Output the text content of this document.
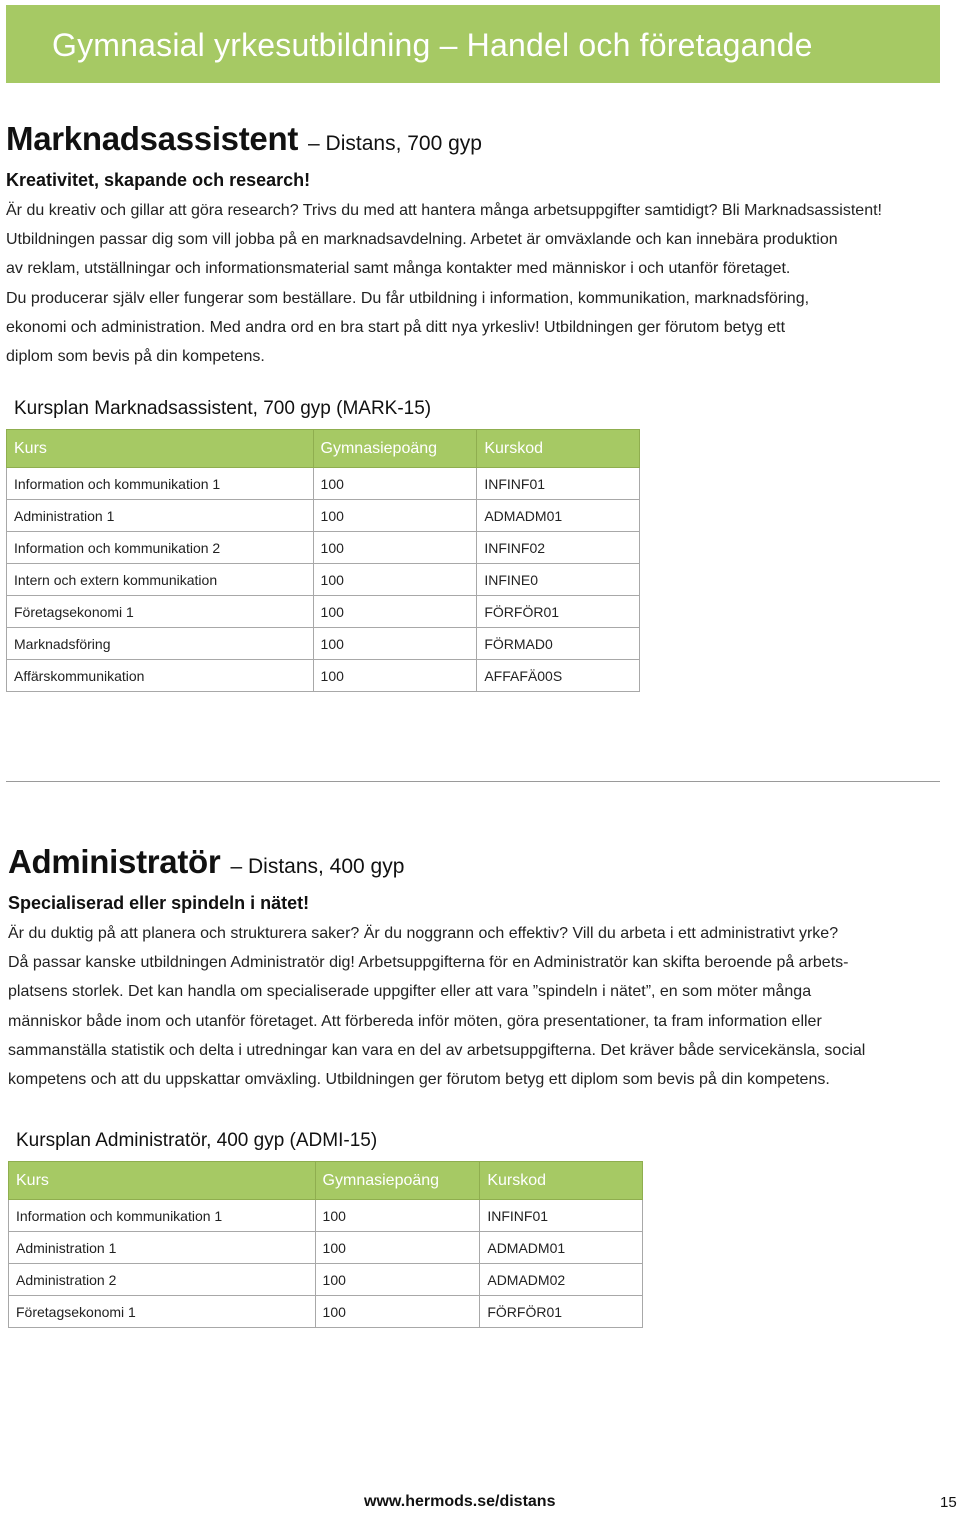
Gymnasial yrkesutbildning – Handel och företagande
Marknadsassistent – Distans, 700 gyp
Kreativitet, skapande och research!

Är du kreativ och gillar att göra research? Trivs du med att hantera många arbetsuppgifter samtidigt? Bli Marknadsassistent!

Utbildningen passar dig som vill jobba på en marknadsavdelning. Arbetet är omväxlande och kan innebära produktion

av reklam, utställningar och informationsmaterial samt många kontakter med människor i och utanför företaget.

Du producerar själv eller fungerar som beställare. Du får utbildning i information, kommunikation, marknadsföring,

ekonomi och administration. Med andra ord en bra start på ditt nya yrkesliv! Utbildningen ger förutom betyg ett

diplom som bevis på din kompetens.

Kursplan Marknadsassistent, 700 gyp (MARK-15)
Kurs	Gymnasiepoäng	Kurskod
Information och kommunikation 1	100	INFINF01
Administration 1	100	ADMADM01
Information och kommunikation 2	100	INFINF02
Intern och extern kommunikation	100	INFINE0
Företagsekonomi 1	100	FÖRFÖR01
Marknadsföring	100	FÖRMAD0
Affärskommunikation	100	AFFAFÄ00S
Administratör – Distans, 400 gyp
Specialiserad eller spindeln i nätet!

Är du duktig på att planera och strukturera saker? Är du noggrann och effektiv? Vill du arbeta i ett administrativt yrke?

Då passar kanske utbildningen Administratör dig! Arbetsuppgifterna för en Administratör kan skifta beroende på arbets-

platsens storlek. Det kan handla om specialiserade uppgifter eller att vara ”spindeln i nätet”, en som möter många

människor både inom och utanför företaget. Att förbereda inför möten, göra presentationer, ta fram information eller

sammanställa statistik och delta i utredningar kan vara en del av arbetsuppgifterna. Det kräver både servicekänsla, social

kompetens och att du uppskattar omväxling. Utbildningen ger förutom betyg ett diplom som bevis på din kompetens.

Kursplan Administratör, 400 gyp (ADMI-15)
Kurs	Gymnasiepoäng	Kurskod
Information och kommunikation 1	100	INFINF01
Administration 1	100	ADMADM01
Administration 2	100	ADMADM02
Företagsekonomi 1	100	FÖRFÖR01
www.hermods.se/distans	15
